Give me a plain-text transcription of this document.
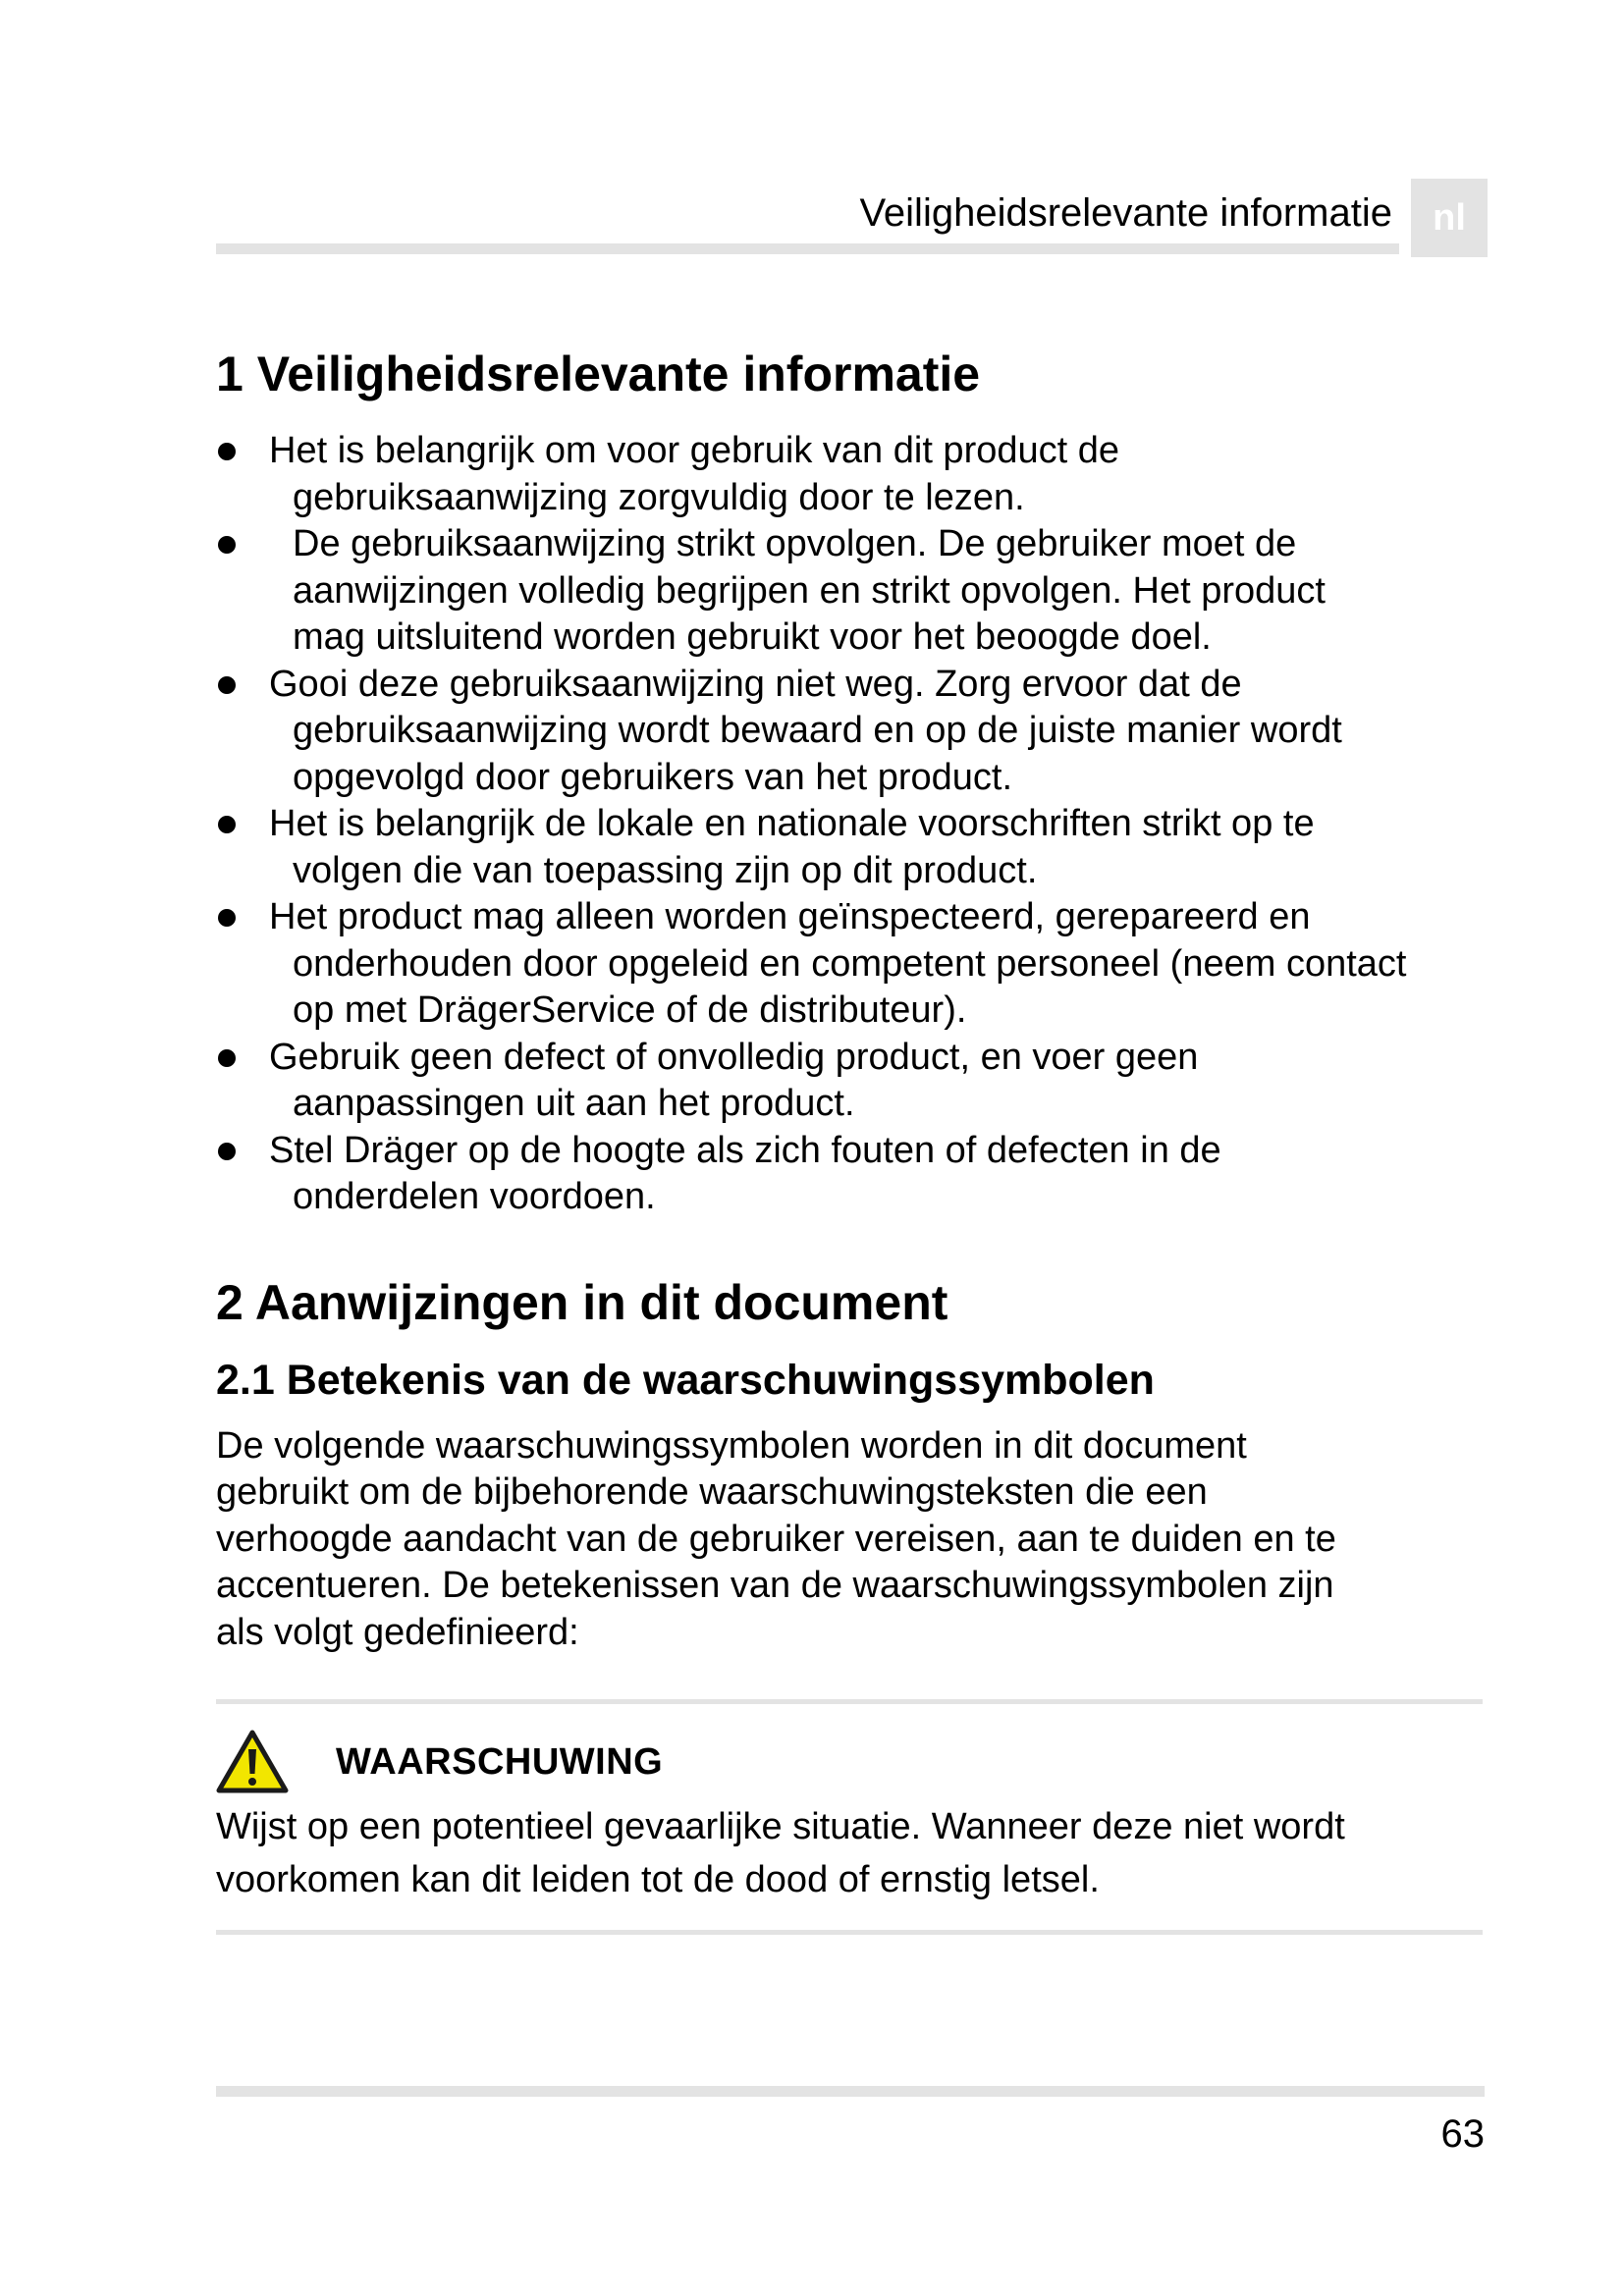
Veiligheidsrelevante informatie	nl
1 Veiligheidsrelevante informatie
Het is belangrijk om voor gebruik van dit product de
gebruiksaanwijzing zorgvuldig door te lezen.
De gebruiksaanwijzing strikt opvolgen. De gebruiker moet de
aanwijzingen volledig begrijpen en strikt opvolgen. Het product
mag uitsluitend worden gebruikt voor het beoogde doel.
Gooi deze gebruiksaanwijzing niet weg. Zorg ervoor dat de
gebruiksaanwijzing wordt bewaard en op de juiste manier wordt
opgevolgd door gebruikers van het product.
Het is belangrijk de lokale en nationale voorschriften strikt op te
volgen die van toepassing zijn op dit product.
Het product mag alleen worden geïnspecteerd, gerepareerd en
onderhouden door opgeleid en competent personeel (neem contact
op met DrägerService of de distributeur).
Gebruik geen defect of onvolledig product, en voer geen
aanpassingen uit aan het product.
Stel Dräger op de hoogte als zich fouten of defecten in de
onderdelen voordoen.
2 Aanwijzingen in dit document
2.1 Betekenis van de waarschuwingssymbolen

De volgende waarschuwingssymbolen worden in dit document
gebruikt om de bijbehorende waarschuwingsteksten die een
verhoogde aandacht van de gebruiker vereisen, aan te duiden en te
accentueren. De betekenissen van de waarschuwingssymbolen zijn
als volgt gedefinieerd:

WAARSCHUWING

Wijst op een potentieel gevaarlijke situatie. Wanneer deze niet wordt
voorkomen kan dit leiden tot de dood of ernstig letsel.

63
